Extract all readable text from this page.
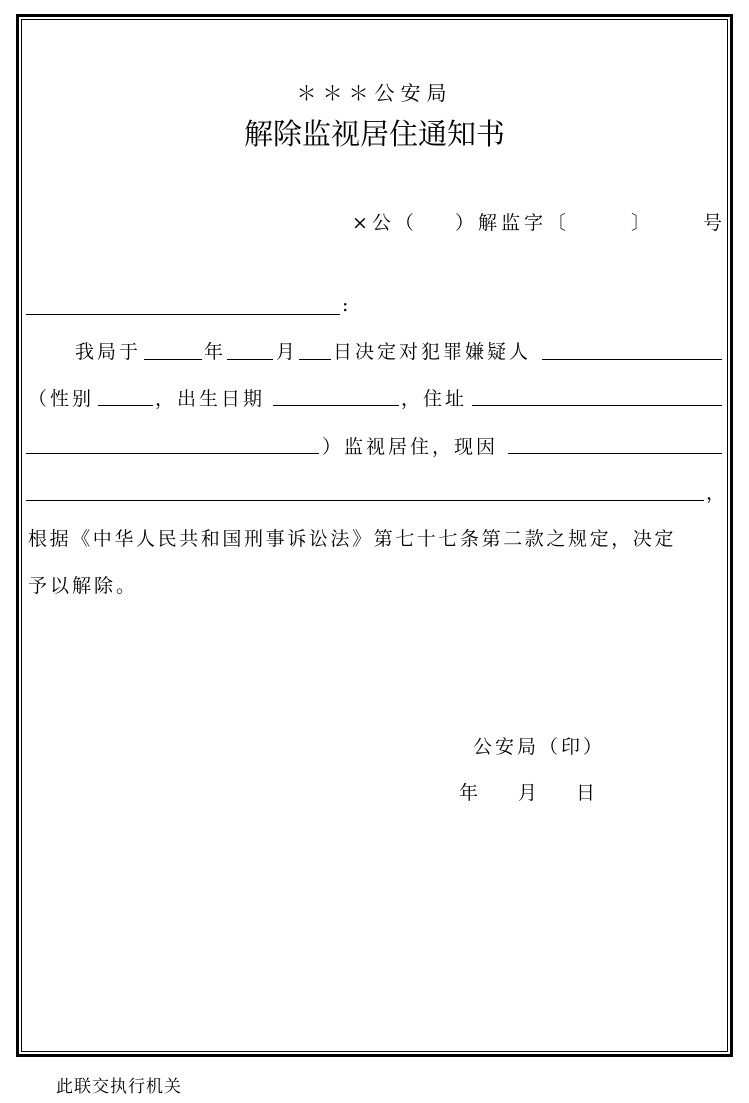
＊＊＊公安局
解除监视居住通知书
×公（ ）解监字〔	〕	号
:
我局于	年	月 日决定对犯罪嫌疑人
（性别	，出生日期	，住址
）监视居住，现因
，
根据《中华人民共和国刑事诉讼法》第七十七条第二款之规定，决定
予以解除。
公安局（印）
年 月 日
此联交执行机关
